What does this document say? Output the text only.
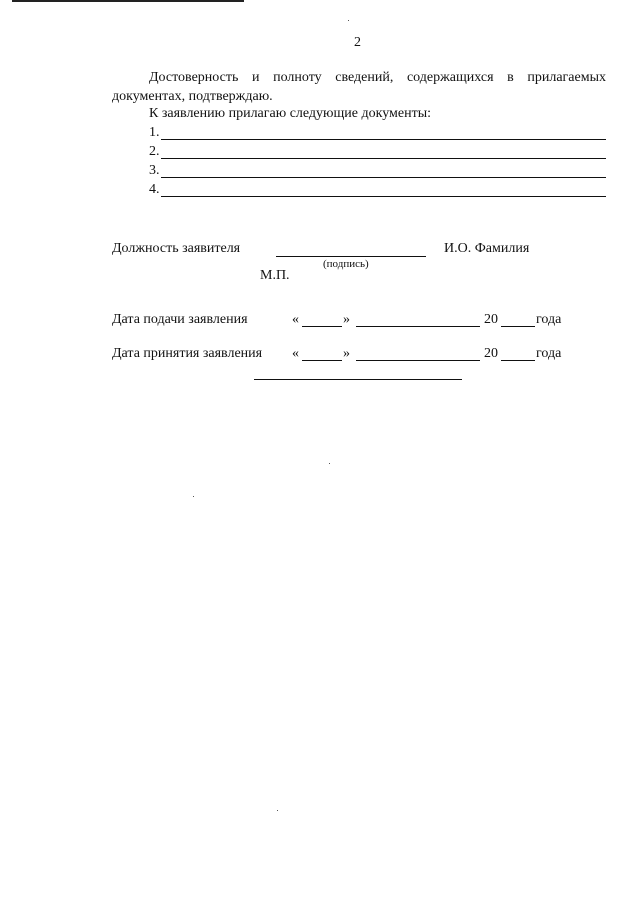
2
Достоверность и полноту сведений, содержащихся в прилагаемых документах, подтверждаю.
К заявлению прилагаю следующие документы:
1.
2.
3.
4.
Должность заявителя
(подпись)
И.О. Фамилия
М.П.
Дата подачи заявления	«	»	20	года
Дата принятия заявления «	»	20	года
